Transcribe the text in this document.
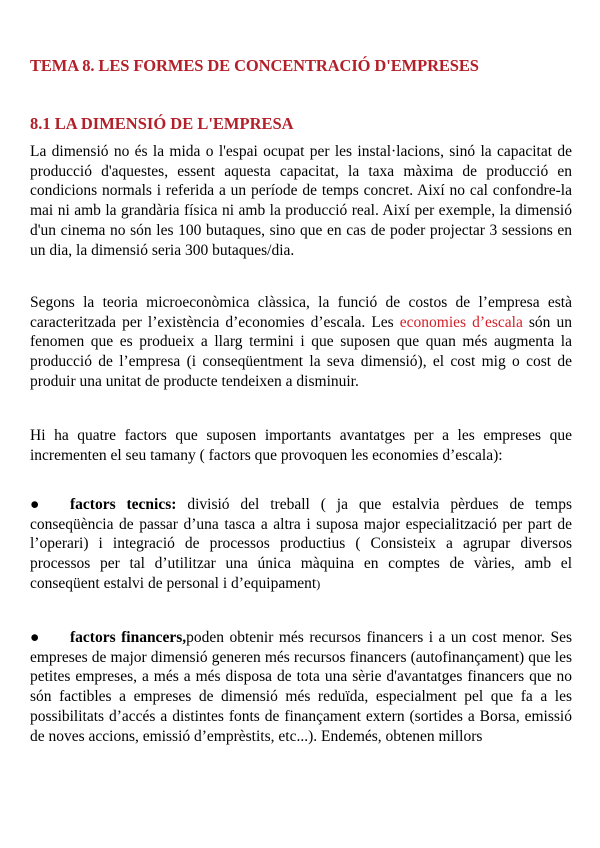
TEMA 8. LES FORMES DE CONCENTRACIÓ D'EMPRESES
8.1 LA DIMENSIÓ DE L'EMPRESA

La dimensió no és la mida o l'espai ocupat per les instal·lacions, sinó la capacitat de producció d'aquestes, essent aquesta capacitat, la taxa màxima de producció en condicions normals i referida a un període de temps concret. Així no cal confondre-la mai ni amb la grandària física ni amb la producció real. Així per exemple, la dimensió d'un cinema no són les 100 butaques, sino que en cas de poder projectar 3 sessions en un dia, la dimensió seria 300 butaques/dia.

Segons la teoria microeconòmica clàssica, la funció de costos de l’empresa està caracteritzada per l’existència d’economies d’escala. Les economies d’escala són un fenomen que es produeix a llarg termini i que suposen que quan més augmenta la producció de l’empresa (i conseqüentment la seva dimensió), el cost mig o cost de produir una unitat de producte tendeixen a disminuir.

Hi ha quatre factors que suposen importants avantatges per a les empreses que incrementen el seu tamany ( factors que provoquen les economies d’escala):

● factors tecnics: divisió del treball ( ja que estalvia pèrdues de temps conseqüència de passar d’una tasca a altra i suposa major especialització per part de l’operari) i integració de processos productius ( Consisteix a agrupar diversos processos per tal d’utilitzar una única màquina en comptes de vàries, amb el conseqüent estalvi de personal i d’equipament)

● factors financers,poden obtenir més recursos financers i a un cost menor. Ses empreses de major dimensió generen més recursos financers (autofinançament) que les petites empreses, a més a més disposa de tota una sèrie d'avantatges financers que no són factibles a empreses de dimensió més reduïda, especialment pel que fa a les possibilitats d’accés a distintes fonts de finançament extern (sortides a Borsa, emissió de noves accions, emissió d’emprèstits, etc...). Endemés, obtenen millors
